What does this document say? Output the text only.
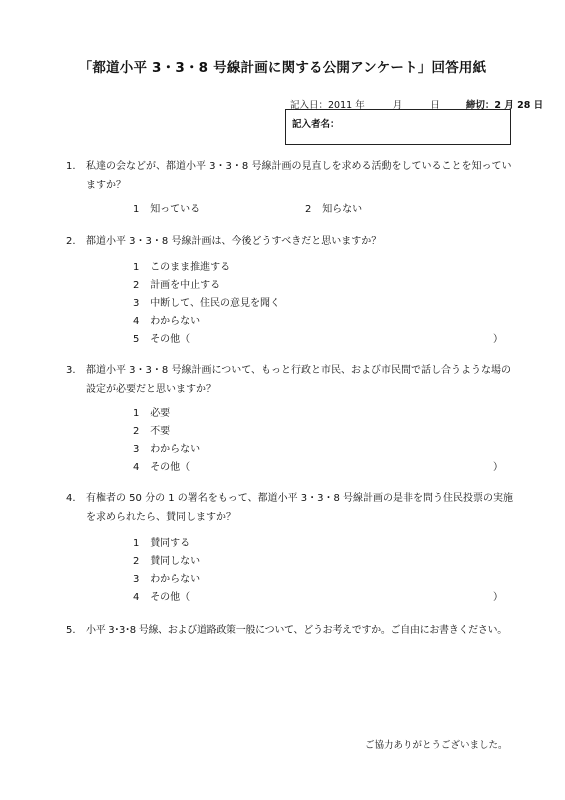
「都道小平 3・3・8 号線計画に関する公開アンケート」回答用紙
記入日：2011 年	月	日	締切：2 月 28 日
記入者名：
1. 私達の会などが、都道小平 3・3・8 号線計画の見直しを求める活動をしていることを知っていますか？
1 知っている	2 知らない
2. 都道小平 3・3・8 号線計画は、今後どうすべきだと思いますか？
1 このまま推進する
2 計画を中止する
3 中断して、住民の意見を聞く
4 わからない
5 その他（	）
3. 都道小平 3・3・8 号線計画について、もっと行政と市民、および市民間で話し合うような場の設定が必要だと思いますか？
1 必要
2 不要
3 わからない
4 その他（	）
4. 有権者の 50 分の 1 の署名をもって、都道小平 3・3・8 号線計画の是非を問う住民投票の実施を求められたら、賛同しますか？
1 賛同する
2 賛同しない
3 わからない
4 その他（	）
5. 小平 3･3･8 号線、および道路政策一般について、どうお考えですか。ご自由にお書きください。
ご協力ありがとうございました。
